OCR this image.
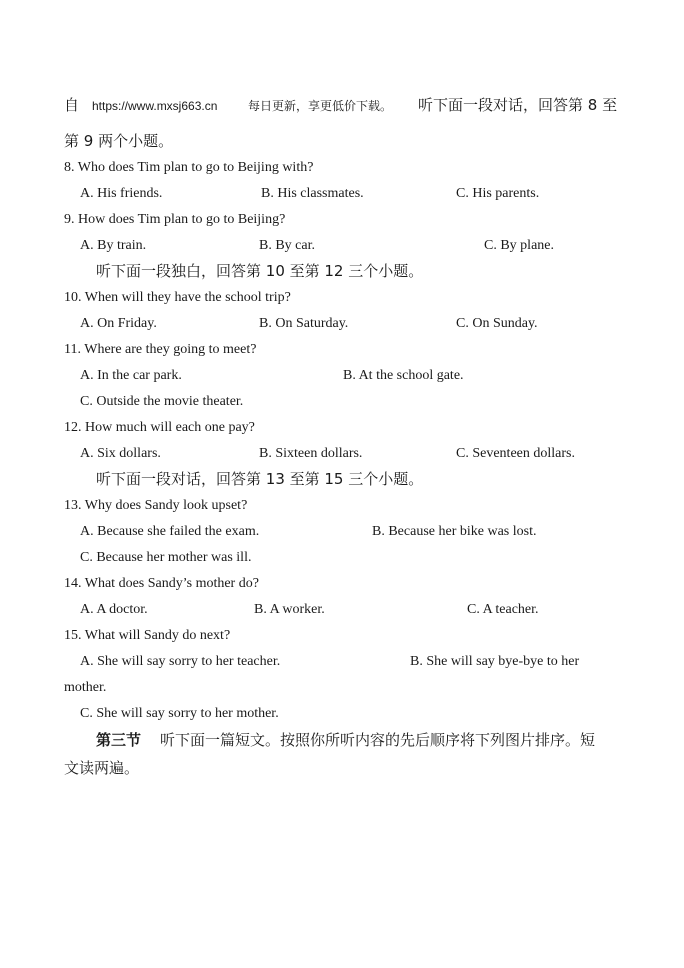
自 https://www.mxsj663.cn	每日更新，享更低价下载。 听下面一段对话，回答第 8 至
第 9 两个小题。
8. Who does Tim plan to go to Beijing with?
A. His friends.	B. His classmates.	C. His parents.
9. How does Tim plan to go to Beijing?
A. By train.	B. By car.	C. By plane.
听下面一段独白，回答第 10 至第 12 三个小题。
10. When will they have the school trip?
A. On Friday.	B. On Saturday.	C. On Sunday.
11. Where are they going to meet?
A. In the car park.	B. At the school gate.
C. Outside the movie theater.
12. How much will each one pay?
A. Six dollars.	B. Sixteen dollars.	C. Seventeen dollars.
听下面一段对话，回答第 13 至第 15 三个小题。
13. Why does Sandy look upset?
A. Because she failed the exam.	B. Because her bike was lost.
C. Because her mother was ill.
14. What does Sandy’s mother do?
A. A doctor.	B. A worker.	C. A teacher.
15. What will Sandy do next?
A. She will say sorry to her teacher.	B. She will say bye-bye to her
mother.
C. She will say sorry to her mother.
第三节 听下面一篇短文。按照你所听内容的先后顺序将下列图片排序。短
文读两遍。
